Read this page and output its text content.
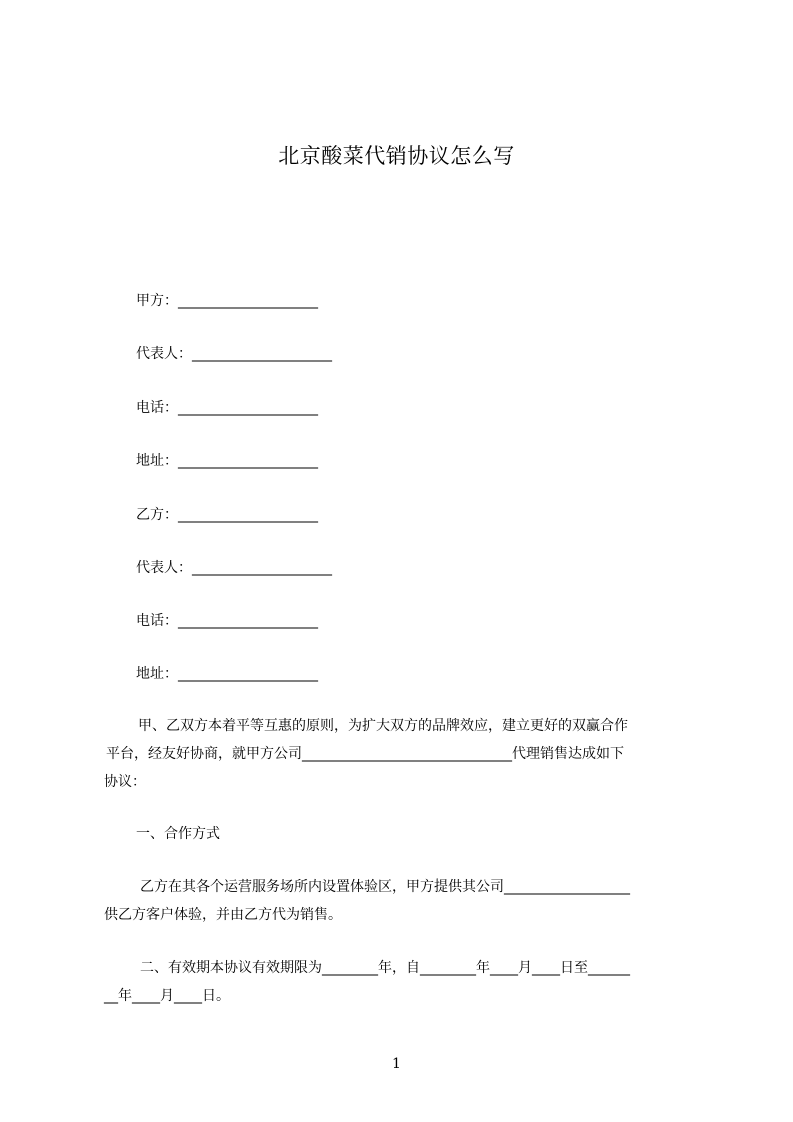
北京酸菜代销协议怎么写
甲方：____________________
代表人：____________________
电话：____________________
地址：____________________
乙方：____________________
代表人：____________________
电话：____________________
地址：____________________
甲、乙双方本着平等互惠的原则，为扩大双方的品牌效应，建立更好的双赢合作
平台，经友好协商，就甲方公司______________________________代理销售达成如下
协议：
一、合作方式
乙方在其各个运营服务场所内设置体验区，甲方提供其公司__________________
供乙方客户体验，并由乙方代为销售。
二、有效期本协议有效期限为________年，自________年____月____日至______
__年____月____日。
1
